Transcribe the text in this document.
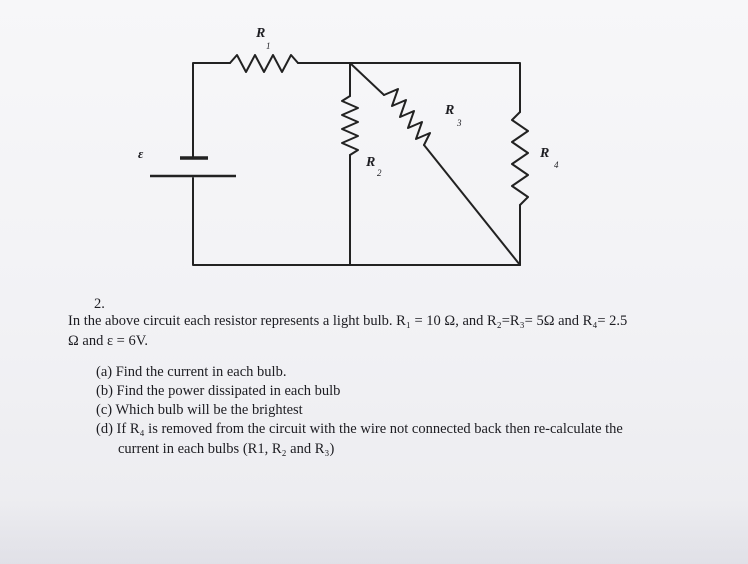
R
1
R
2
R
3
R
4
ε
2.
In the above circuit each resistor represents a light bulb. R₁ = 10 Ω, and R₂=R₃= 5Ω and R₄= 2.5
Ω and ε = 6V.
(a) Find the current in each bulb.
(b) Find the power dissipated in each bulb
(c) Which bulb will be the brightest
(d) If R₄ is removed from the circuit with the wire not connected back then re-calculate the
current in each bulbs (R1, R₂ and R₃)
